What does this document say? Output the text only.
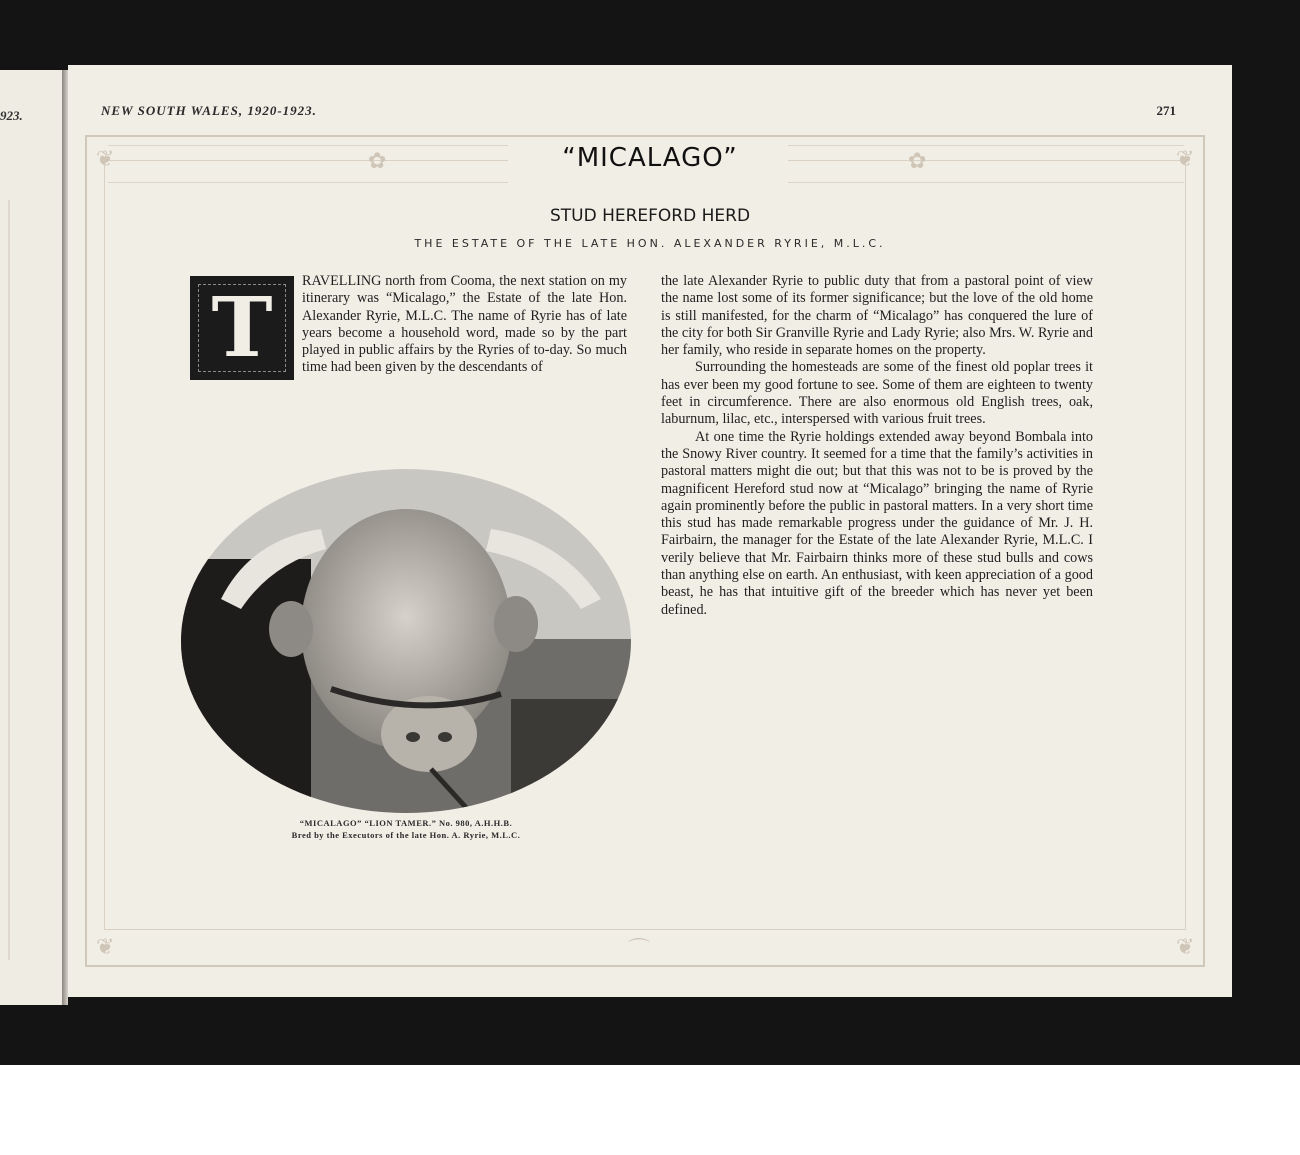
923.	NEW SOUTH WALES, 1920-1923.	271
❦	❦
❦	❦
✿	✿
⌒
“MICALAGO”
STUD HEREFORD HERD
THE ESTATE OF THE LATE HON. ALEXANDER RYRIE, M.L.C.
T	RAVELLING north from Cooma, the next station on my itinerary was “Micalago,” the Estate of the late Hon. Alexander Ryrie, M.L.C. The name of Ryrie has of late years become a household word, made so by the part played in public affairs by the Ryries of to-day. So much time had been given by the descendants of

the late Alexander Ryrie to public duty that from a pastoral point of view the name lost some of its former significance; but the love of the old home is still manifested, for the charm of “Micalago” has conquered the lure of the city for both Sir Granville Ryrie and Lady Ryrie; also Mrs. W. Ryrie and her family, who reside in separate homes on the property.

Surrounding the homesteads are some of the finest old poplar trees it has ever been my good fortune to see. Some of them are eighteen to twenty feet in circumference. There are also enormous old English trees, oak, laburnum, lilac, etc., interspersed with various fruit trees.

At one time the Ryrie holdings extended away beyond Bombala into the Snowy River country. It seemed for a time that the family’s activities in pastoral matters might die out; but that this was not to be is proved by the magnificent Hereford stud now at “Micalago” bringing the name of Ryrie again prominently before the public in pastoral matters. In a very short time this stud has made remarkable progress under the guidance of Mr. J. H. Fairbairn, the manager for the Estate of the late Alexander Ryrie, M.L.C. I verily believe that Mr. Fairbairn thinks more of these stud bulls and cows than anything else on earth. An enthusiast, with keen appreciation of a good beast, he has that intuitive gift of the breeder which has never yet been defined.

“MICALAGO” “LION TAMER.” No. 980, A.H.H.B.
Bred by the Executors of the late Hon. A. Ryrie, M.L.C.
